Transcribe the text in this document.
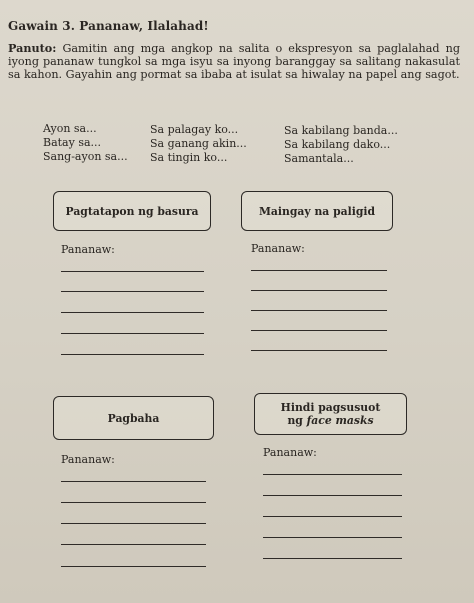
Gawain 3. Pananaw, Ilalahad!
Panuto: Gamitin ang mga angkop na salita o ekspresyon sa paglalahad ng iyong pananaw tungkol sa mga isyu sa inyong baranggay sa salitang nakasulat sa kahon. Gayahin ang pormat sa ibaba at isulat sa hiwalay na papel ang sagot.
Ayon sa...
Batay sa...
Sang-ayon sa...
Sa palagay ko...
Sa ganang akin...
Sa tingin ko...
Sa kabilang banda...
Sa kabilang dako...
Samantala...
Pagtatapon ng basura
Pananaw:
Maingay na paligid
Pananaw:
Pagbaha
Pananaw:
Hindi pagsusuot
ng face masks
Pananaw:
